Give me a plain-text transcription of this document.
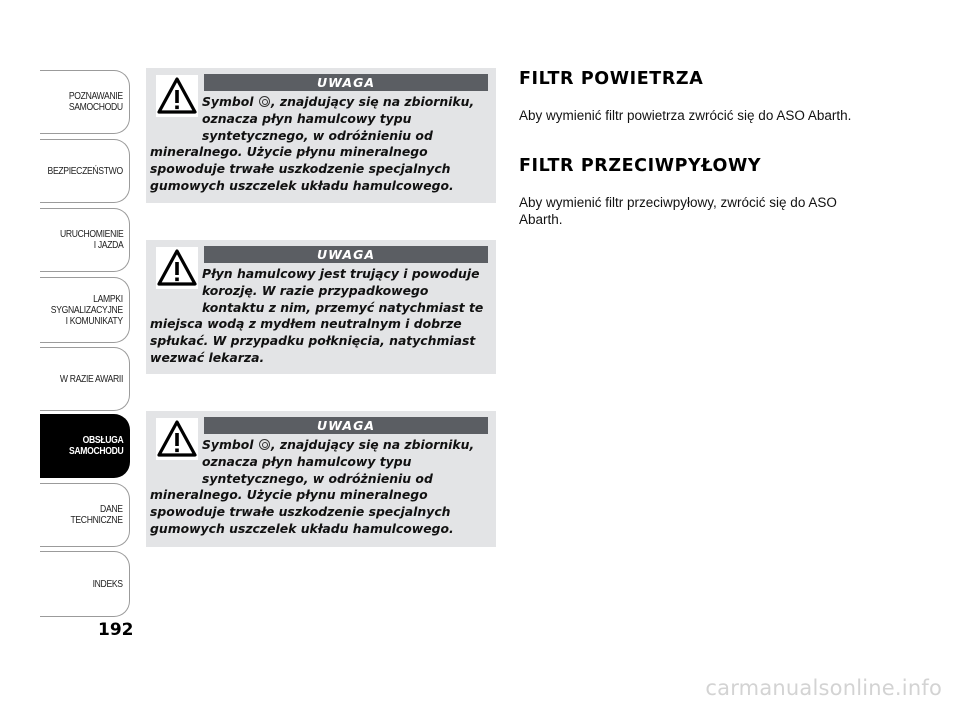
POZNAWANIE
SAMOCHODU
BEZPIECZEŃSTWO
URUCHOMIENIE
I JAZDA
LAMPKI
SYGNALIZACYJNE
I KOMUNIKATY
W RAZIE AWARII
OBSŁUGA
SAMOCHODU
DANE
TECHNICZNE
INDEKS
192
UWAGA
Symbol , znajdujący się na zbiorniku, oznacza płyn hamulcowy typu syntetycznego, w odróżnieniu od mineralnego. Użycie płynu mineralnego spowoduje trwałe uszkodzenie specjalnych gumowych uszczelek układu hamulcowego.
UWAGA
Płyn hamulcowy jest trujący i powoduje korozję. W razie przypadkowego kontaktu z nim, przemyć natychmiast te miejsca wodą z mydłem neutralnym i dobrze spłukać. W przypadku połknięcia, natychmiast wezwać lekarza.
UWAGA
Symbol , znajdujący się na zbiorniku, oznacza płyn hamulcowy typu syntetycznego, w odróżnieniu od mineralnego. Użycie płynu mineralnego spowoduje trwałe uszkodzenie specjalnych gumowych uszczelek układu hamulcowego.
FILTR POWIETRZA
Aby wymienić filtr powietrza zwrócić się do ASO Abarth.
FILTR PRZECIWPYŁOWY
Aby wymienić filtr przeciwpyłowy, zwrócić się do ASO Abarth.
carmanualsonline.info
